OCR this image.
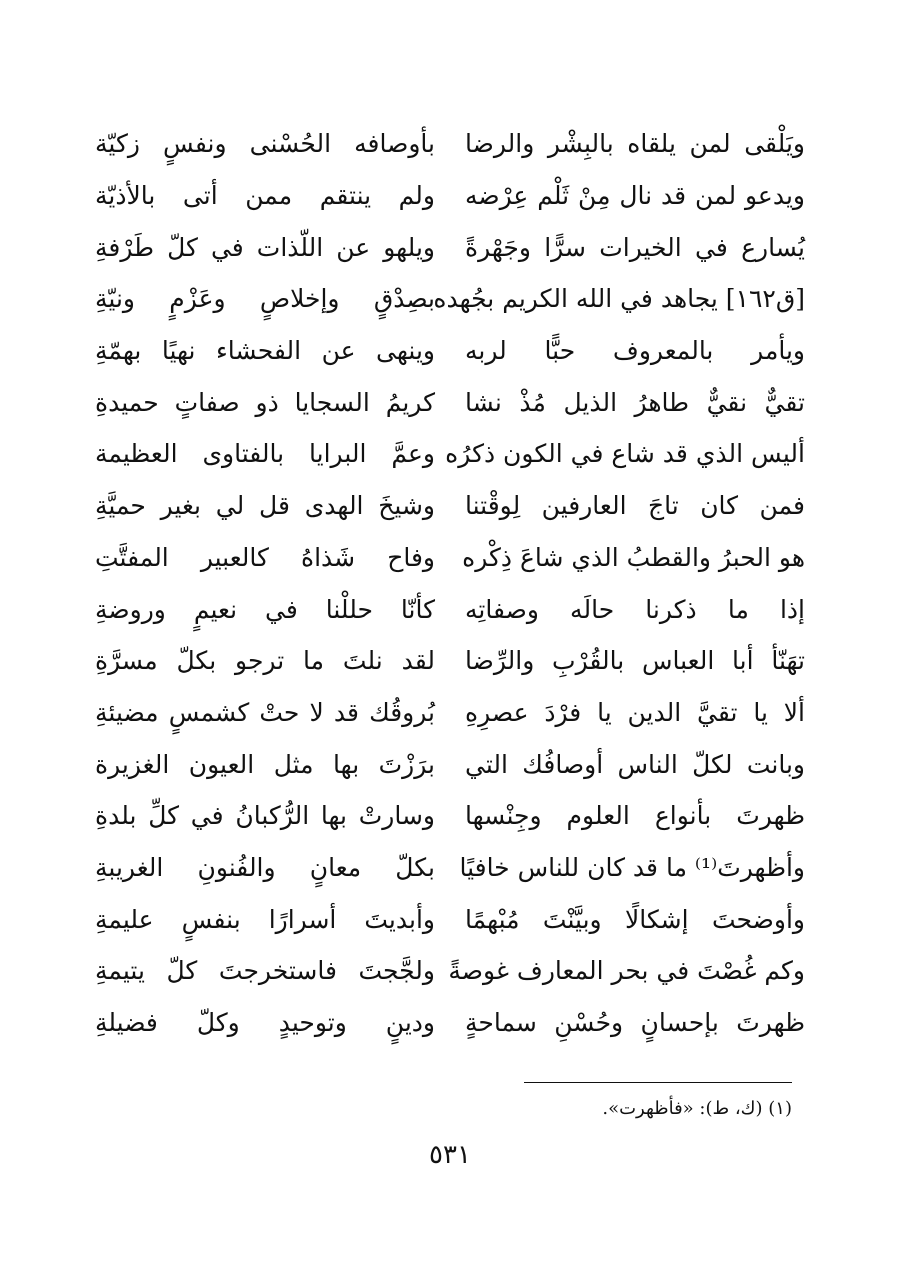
ويَلْقى لمن يلقاه بالبِشْر والرضا
بأوصافه الحُسْنى ونفسٍ زكيّة
ويدعو لمن قد نال مِنْ ثَلْم عِرْضه
ولم ينتقم ممن أتى بالأذيّة
يُسارع في الخيرات سرًّا وجَهْرةً
ويلهو عن اللّذات في كلّ طَرْفةِ
[ق١٦٢] يجاهد في الله الكريم بجُهده
بصِدْقٍ وإخلاصٍ وعَزْمٍ ونيّةِ
ويأمر بالمعروف حبًّا لربه
وينهى عن الفحشاء نهيًا بهمّةِ
تقيٌّ نقيٌّ طاهرُ الذيل مُذْ نشا
كريمُ السجايا ذو صفاتٍ حميدةِ
أليس الذي قد شاع في الكون ذكرُه
وعمَّ البرايا بالفتاوى العظيمة
فمن كان تاجَ العارفين لِوقْتنا
وشيخَ الهدى قل لي بغير حميَّةِ
هو الحبرُ والقطبُ الذي شاعَ ذِكْره
وفاح شَذاهُ كالعبير المفتَّتِ
إذا ما ذكرنا حالَه وصفاتِه
كأنّا حللْنا في نعيمٍ وروضةِ
تهَنّأ أبا العباس بالقُرْبِ والرِّضا
لقد نلتَ ما ترجو بكلّ مسرَّةِ
ألا يا تقيَّ الدين يا فرْدَ عصرِهِ
بُروقُك قد لا حتْ كشمسٍ مضيئةِ
وبانت لكلّ الناس أوصافُك التي
برَزْتَ بها مثل العيون الغزيرة
ظهرتَ بأنواع العلوم وجِنْسها
وسارتْ بها الرُّكبانُ في كلِّ بلدةِ
وأظهرتَ⁽¹⁾ ما قد كان للناس خافيًا
بكلّ معانٍ والفُنونِ الغريبةِ
وأوضحتَ إشكالًا وبيَّنْتَ مُبْهمًا
وأبديتَ أسرارًا بنفسٍ عليمةِ
وكم غُصْتَ في بحر المعارف غوصةً
ولجَّجتَ فاستخرجتَ كلّ يتيمةِ
ظهرتَ بإحسانٍ وحُسْنِ سماحةٍ
ودينٍ وتوحيدٍ وكلّ فضيلةِ
(١) (ك، ط): «فأظهرت».
٥٣١
